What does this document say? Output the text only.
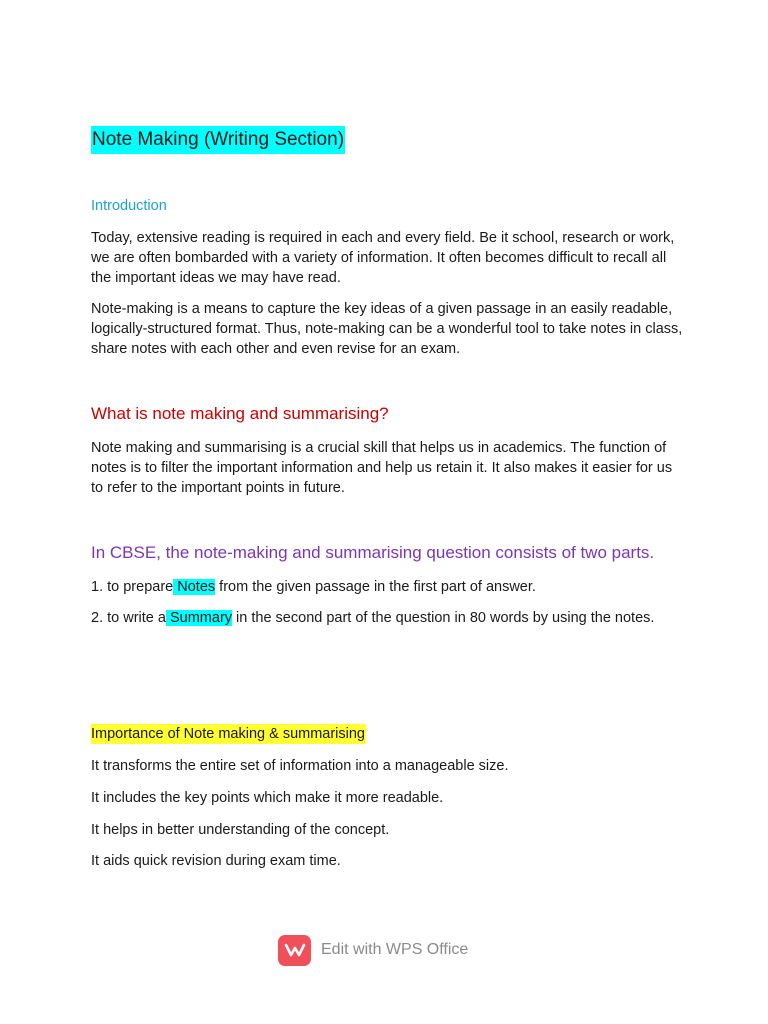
Note Making (Writing Section)
Introduction
Today, extensive reading is required in each and every field. Be it school, research or work, we are often bombarded with a variety of information. It often becomes difficult to recall all the important ideas we may have read.
Note-making is a means to capture the key ideas of a given passage in an easily readable, logically-structured format. Thus, note-making can be a wonderful tool to take notes in class, share notes with each other and even revise for an exam.
What is note making and summarising?
Note making and summarising is a crucial skill that helps us in academics. The function of notes is to filter the important information and help us retain it. It also makes it easier for us to refer to the important points in future.
In CBSE, the note-making and summarising question consists of two parts.
1. to prepare Notes from the given passage in the first part of answer.
2. to write a Summary in the second part of the question in 80 words by using the notes.
Importance of Note making & summarising
It transforms the entire set of information into a manageable size.
It includes the key points which make it more readable.
It helps in better understanding of the concept.
It aids quick revision during exam time.
Edit with WPS Office
